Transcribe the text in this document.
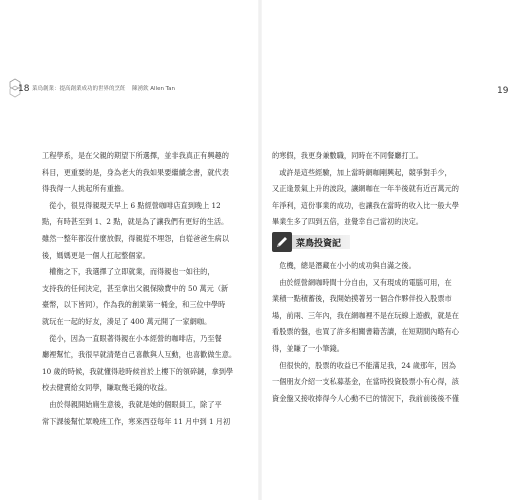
18 菜鳥創業：提高創業成功的世界的烹飪 陳湧欽 Allen Tan	19

工程學系，是在父親的期望下所選擇，並非我真正有興趣的

科目，更重要的是，身為老大的我如果要繼續念書，就代表

得我得一人挑起所有重擔。

　從小，很見得親現天早上 6 點經營咖啡店直到晚上 12

點，有時甚至到 1、2 點，就是為了讓我們有更好的生活。

雖然一整年都沒什麼放假，得親從不埋怨，自從爸爸生病以

後，媽媽更是一個人扛起整個家。

　權衡之下，我選擇了立即就業，而得親也一如往的，

支持我的任何決定，甚至拿出父親保險費中的 50 萬元（新

臺幣，以下皆同），作為我的創業第一桶金，和三位中學時

就玩在一起的好友，湊足了 400 萬元開了一家網咖。

　從小，因為一直眼著得親在小本經營的咖啡店，乃至餐

廳裡幫忙，我很早就清楚自己喜歡與人互動，也喜歡做生意。

10 歲的時候，我就懂得趁時候首於上樓下的領碎鏈，拿到學

校去健賣給女同學，賺取幾毛錢的收益。

　由於得親開始廁生意後，我就是她的個眼員工，除了平

常下課後幫忙眾晚班工作，寒來西亞每年 11 月中到 1 月初

的寒假，我更身兼數職，同時在不同餐廳打工。

　或許是這些經驗，加上當時網咖剛興起，競爭對手少，

又正逢景氣上升的波段，讓網咖在一年半後就有近百萬元的

年淨利，這份事業的成功，也讓我在當時的收入比一般大學

畢業生多了四到五倍，並覺幸自己當初的決定。

菜鳥投資記

　危機，總是潛藏在小小的成功與自滿之後。

　由於經營網咖時間十分自由，又有現成的電腦可用，在

業積一點積蓄後，我開始摸著另一個合作夥伴投入股票市

場，前兩、三年內，我在網咖裡不是在玩線上遊戲，就是在

看股票的盤，也買了許多相關書籍苦讀，在短期間內略有心

得，並賺了一小筆錢。

　但很快的，股票的收益已不能滿足我，24 歲那年，因為

一個朋友介紹一支私募基金，在當時投資股票小有心得，該

資金盤又接收捧得今人心動不已的情況下，我前前後後不僅
